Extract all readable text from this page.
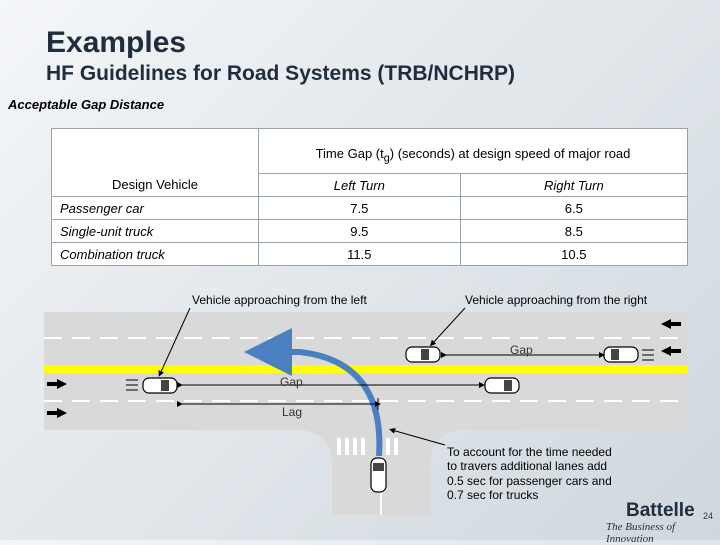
Examples
HF Guidelines for Road Systems (TRB/NCHRP)
Acceptable Gap Distance
	Time Gap $(t_g)$ (seconds) at design speed of major road	
Design Vehicle	Left Turn	Right Turn
Passenger car	7.5	6.5
Single-unit truck	9.5	8.5
Combination truck	11.5	10.5
Vehicle approaching from the left	Vehicle approaching from the right
Gap
Gap
Lag
To account for the time needed
to travers additional lanes add
0.5 sec for passenger cars and
0.7 sec for trucks
Battelle
The Business of Innovation
24
